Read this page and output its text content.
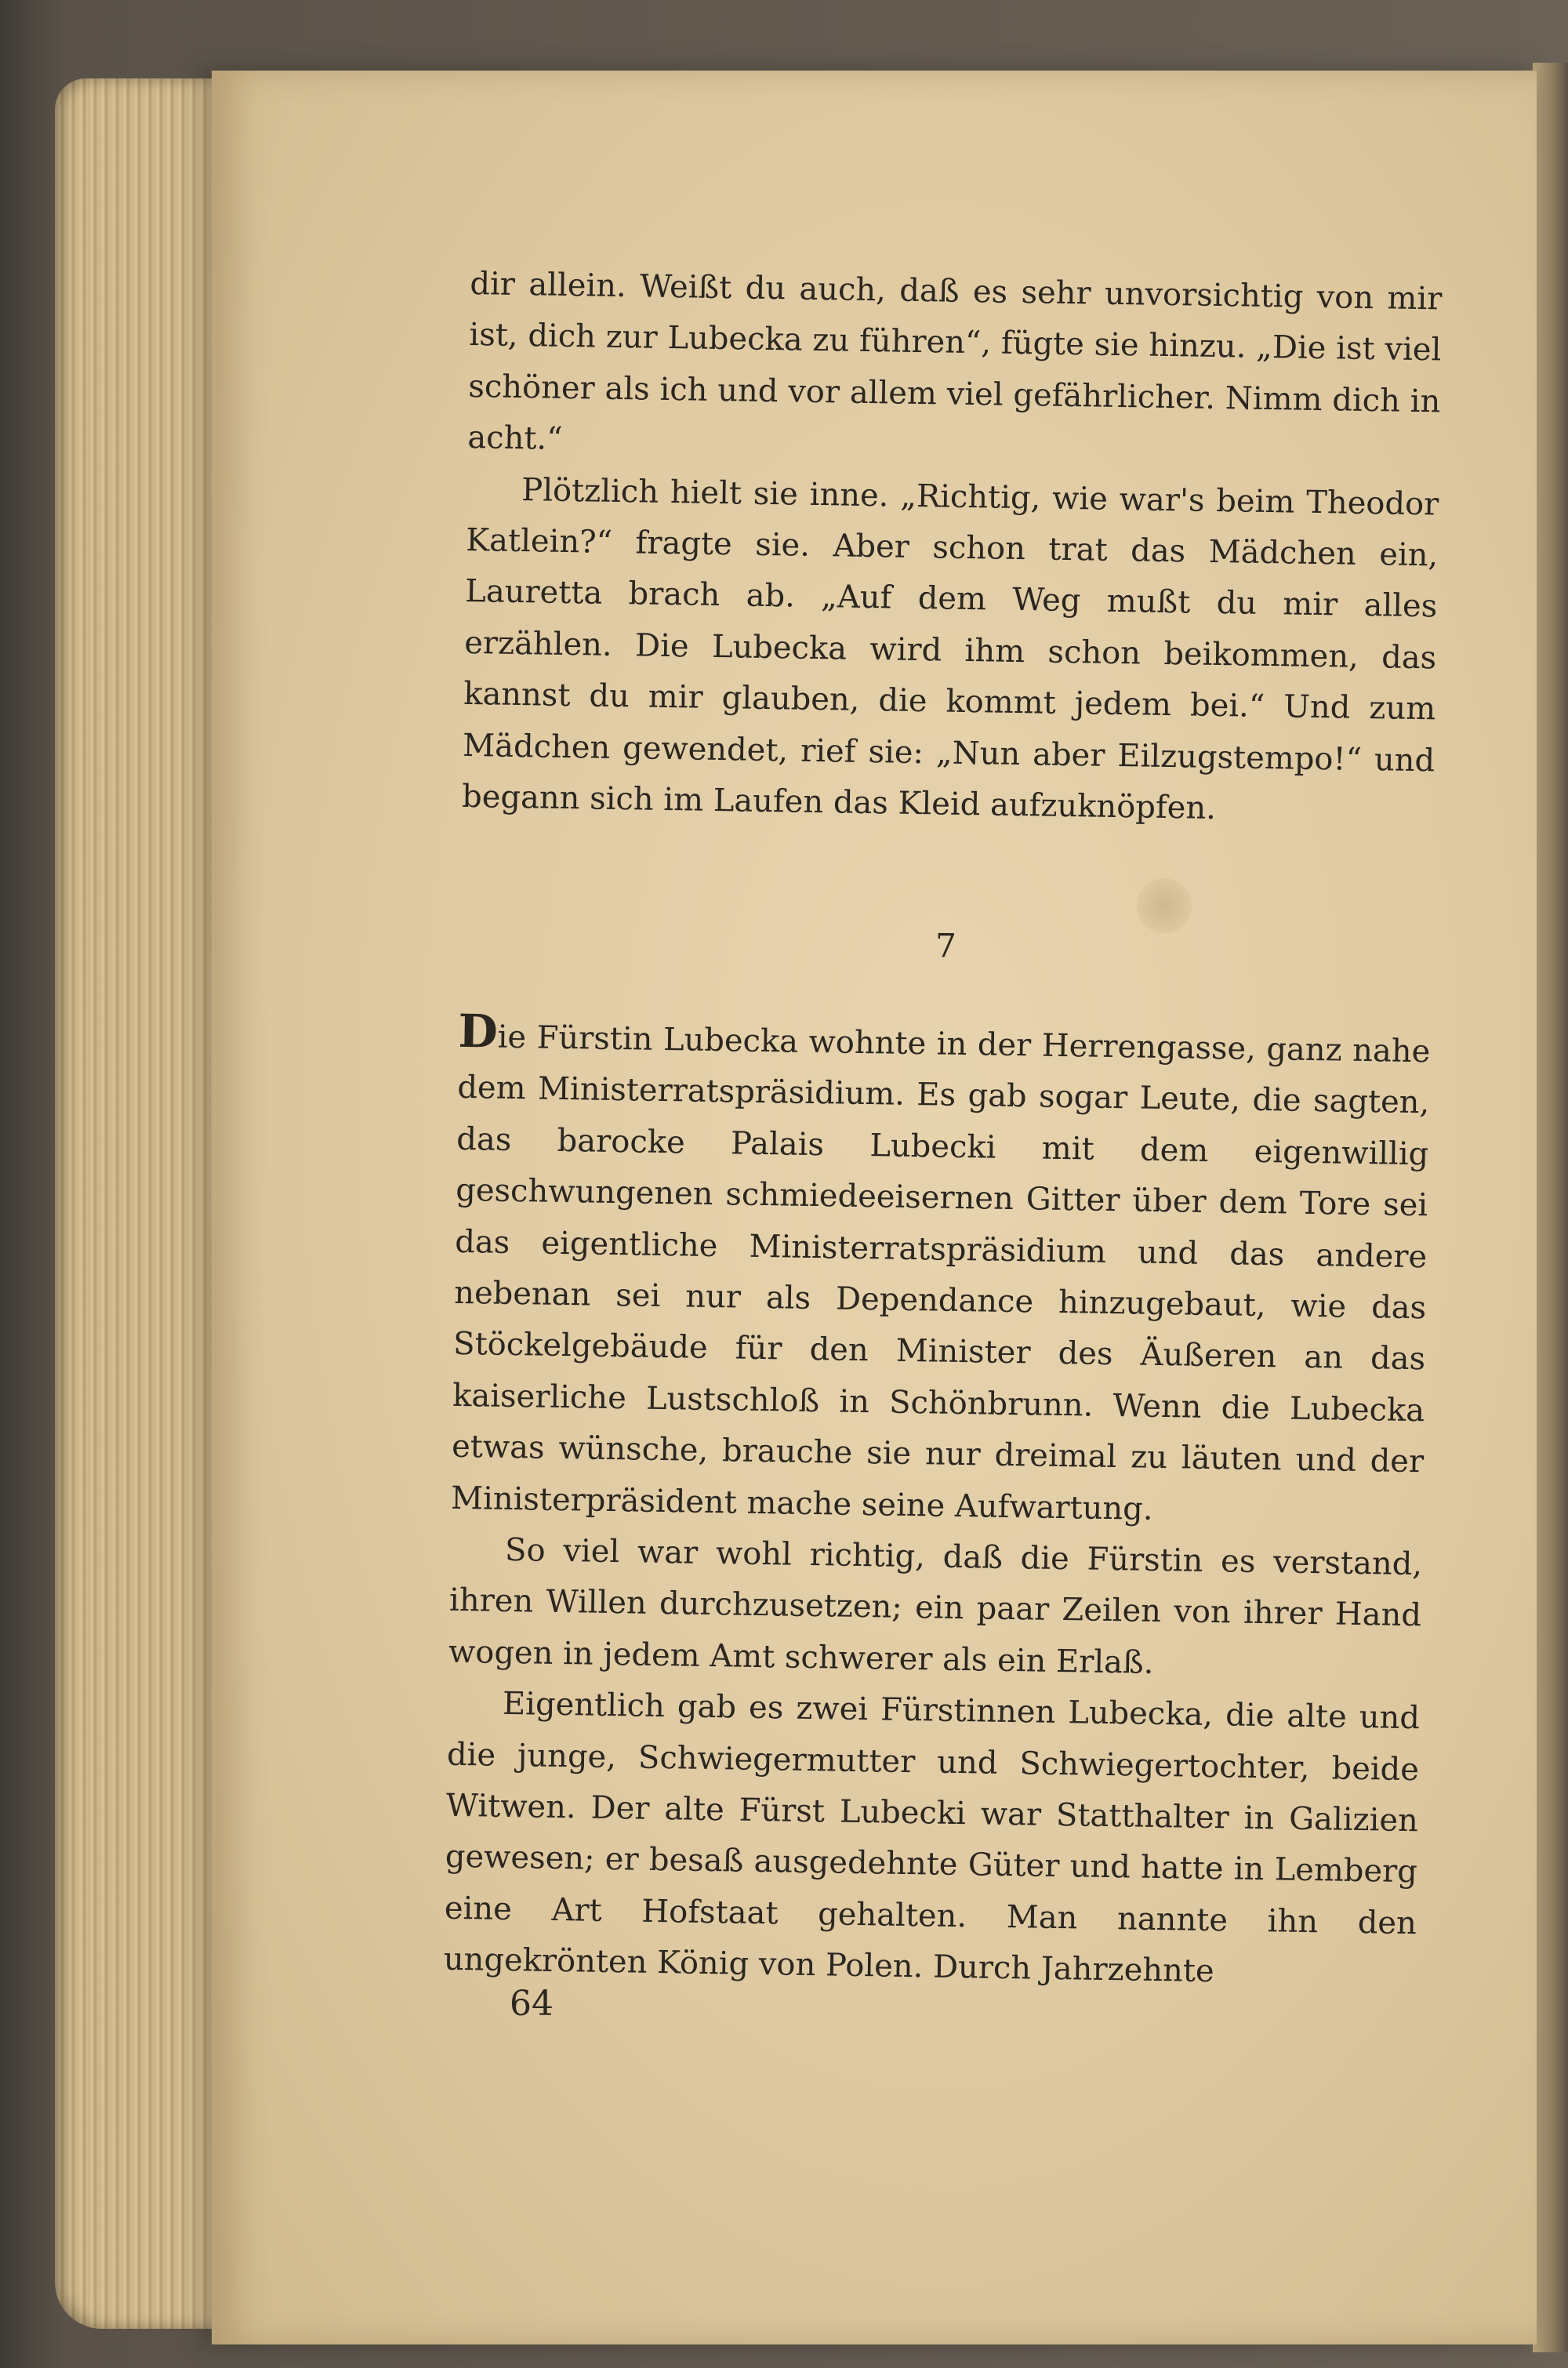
dir allein. Weißt du auch, daß es sehr unvorsichtig von mir ist, dich zur Lubecka zu führen“, fügte sie hinzu. „Die ist viel schöner als ich und vor allem viel gefährlicher. Nimm dich in acht.“

Plötzlich hielt sie inne. „Richtig, wie war's beim Theodor Katlein?“ fragte sie. Aber schon trat das Mädchen ein, Lauretta brach ab. „Auf dem Weg mußt du mir alles erzählen. Die Lubecka wird ihm schon beikommen, das kannst du mir glauben, die kommt jedem bei.“ Und zum Mädchen gewendet, rief sie: „Nun aber Eilzugstempo!“ und begann sich im Laufen das Kleid aufzuknöpfen.

7

Die Fürstin Lubecka wohnte in der Herrengasse, ganz nahe dem Ministerratspräsidium. Es gab sogar Leute, die sagten, das barocke Palais Lubecki mit dem eigenwillig geschwungenen schmiedeeisernen Gitter über dem Tore sei das eigentliche Ministerratspräsidium und das andere nebenan sei nur als Dependance hinzugebaut, wie das Stöckelgebäude für den Minister des Äußeren an das kaiserliche Lustschloß in Schönbrunn. Wenn die Lubecka etwas wünsche, brauche sie nur dreimal zu läuten und der Ministerpräsident mache seine Aufwartung.

So viel war wohl richtig, daß die Fürstin es verstand, ihren Willen durchzusetzen; ein paar Zeilen von ihrer Hand wogen in jedem Amt schwerer als ein Erlaß.

Eigentlich gab es zwei Fürstinnen Lubecka, die alte und die junge, Schwiegermutter und Schwiegertochter, beide Witwen. Der alte Fürst Lubecki war Statthalter in Galizien gewesen; er besaß ausgedehnte Güter und hatte in Lemberg eine Art Hofstaat gehalten. Man nannte ihn den ungekrönten König von Polen. Durch Jahrzehnte

64
